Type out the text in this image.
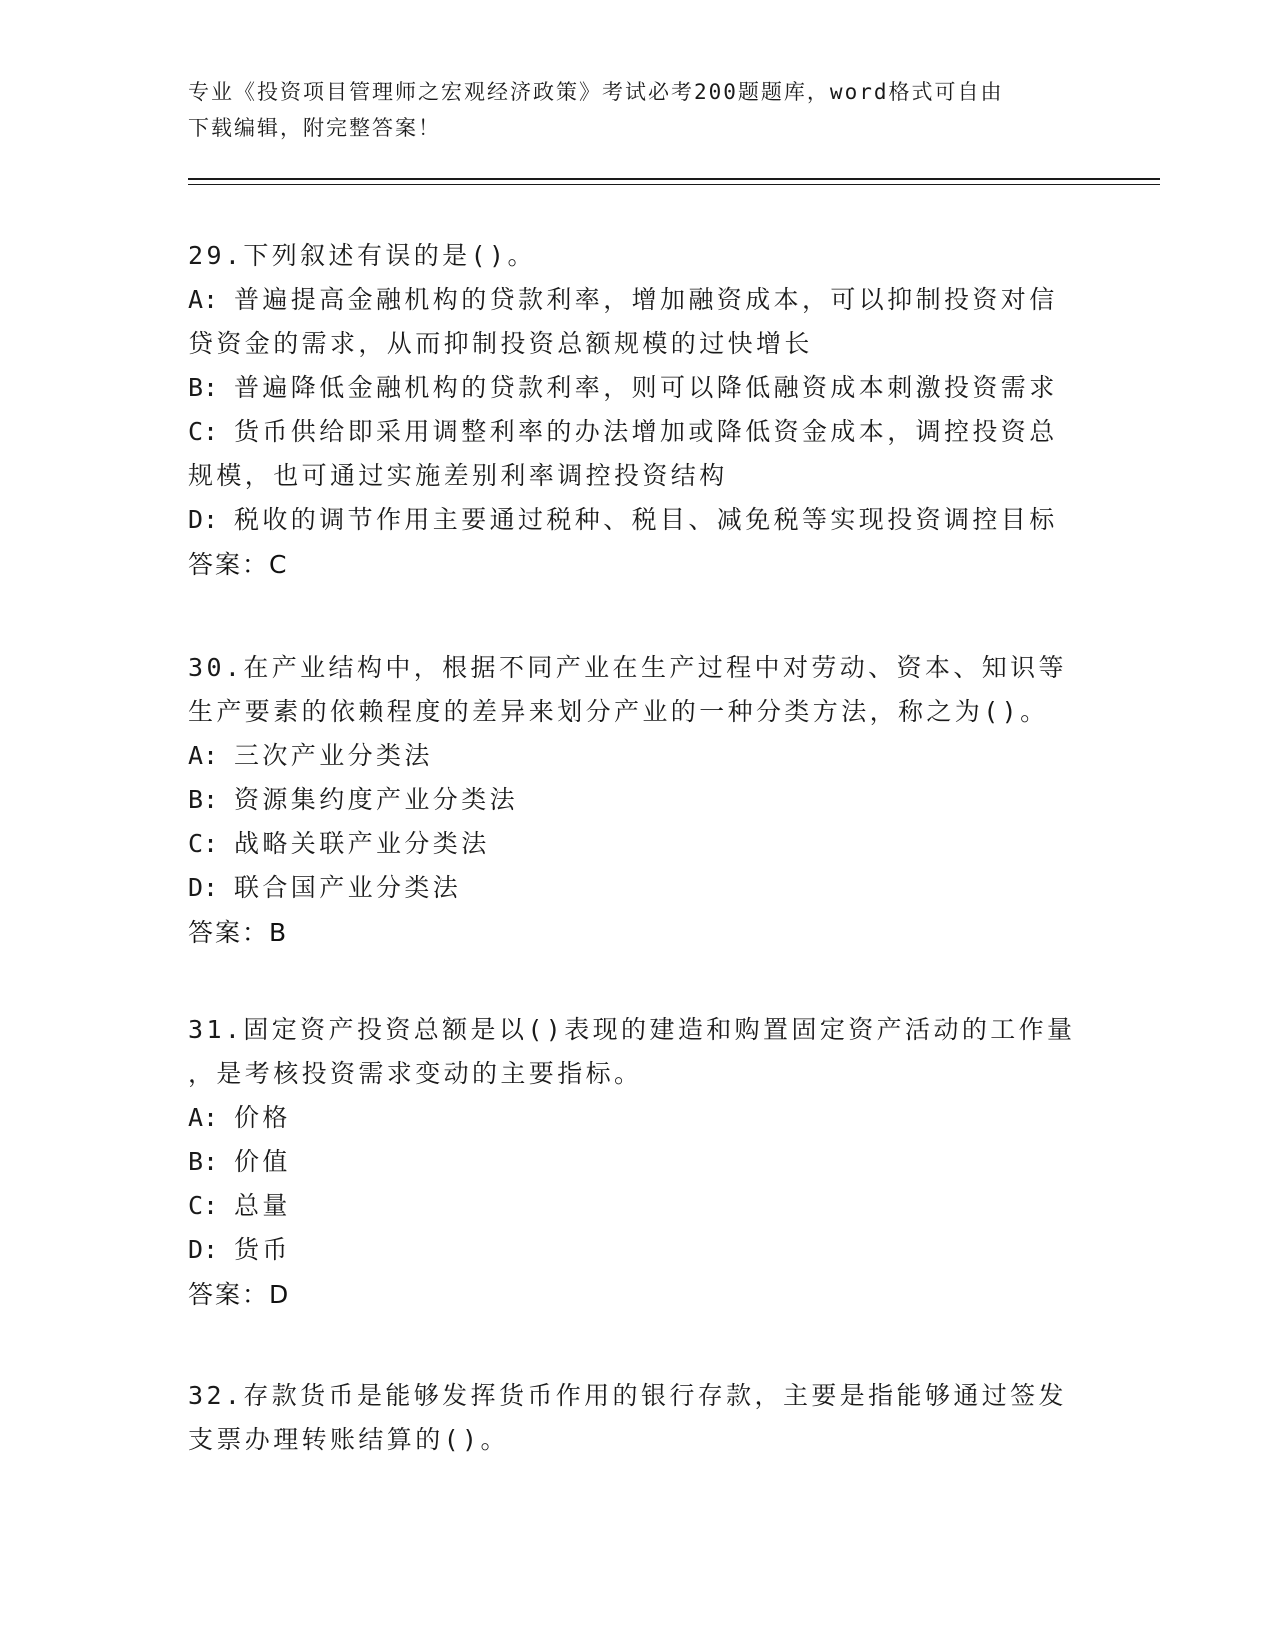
专业《投资项目管理师之宏观经济政策》考试必考200题题库，word格式可自由
下载编辑，附完整答案！
29.下列叙述有误的是()。
A: 普遍提高金融机构的贷款利率，增加融资成本，可以抑制投资对信
贷资金的需求，从而抑制投资总额规模的过快增长
B: 普遍降低金融机构的贷款利率，则可以降低融资成本刺激投资需求
C: 货币供给即采用调整利率的办法增加或降低资金成本，调控投资总
规模，也可通过实施差别利率调控投资结构
D: 税收的调节作用主要通过税种、税目、减免税等实现投资调控目标
答案：C
30.在产业结构中，根据不同产业在生产过程中对劳动、资本、知识等
生产要素的依赖程度的差异来划分产业的一种分类方法，称之为()。
A: 三次产业分类法
B: 资源集约度产业分类法
C: 战略关联产业分类法
D: 联合国产业分类法
答案：B
31.固定资产投资总额是以()表现的建造和购置固定资产活动的工作量
，是考核投资需求变动的主要指标。
A: 价格
B: 价值
C: 总量
D: 货币
答案：D
32.存款货币是能够发挥货币作用的银行存款，主要是指能够通过签发
支票办理转账结算的()。
